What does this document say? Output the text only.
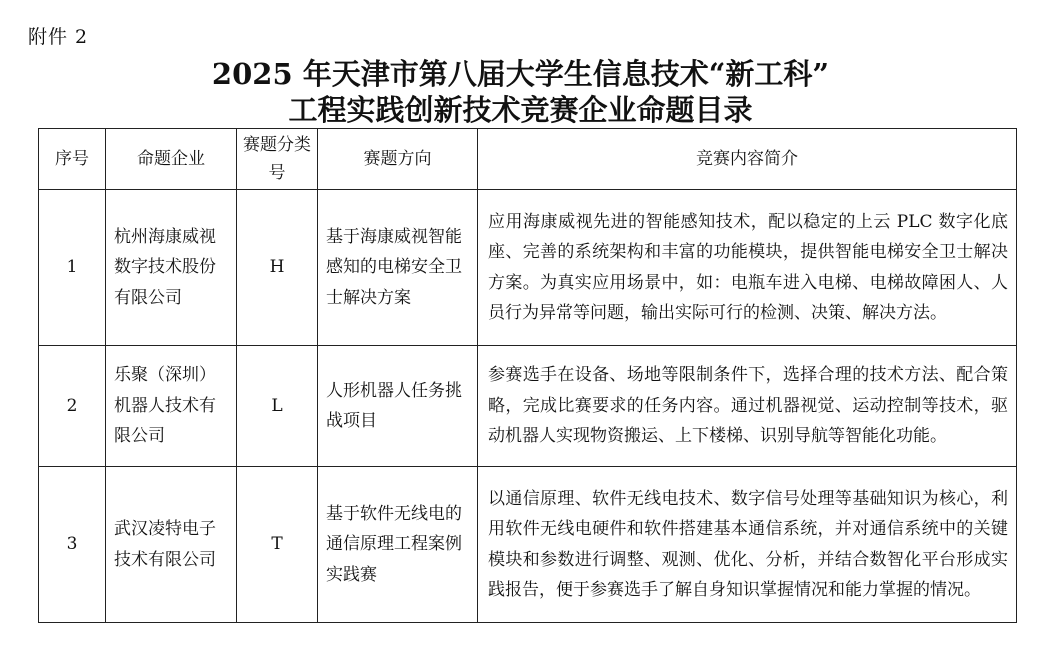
附件 2
2025 年天津市第八届大学生信息技术“新工科”
工程实践创新技术竞赛企业命题目录
序号	命题企业	赛题分类号	赛题方向	竞赛内容简介
1	杭州海康威视数字技术股份有限公司	H	基于海康威视智能感知的电梯安全卫士解决方案	应用海康威视先进的智能感知技术，配以稳定的上云 PLC 数字化底座、完善的系统架构和丰富的功能模块，提供智能电梯安全卫士解决方案。为真实应用场景中，如：电瓶车进入电梯、电梯故障困人、人员行为异常等问题，输出实际可行的检测、决策、解决方法。
2	乐聚（深圳）机器人技术有限公司	L	人形机器人任务挑战项目	参赛选手在设备、场地等限制条件下，选择合理的技术方法、配合策略，完成比赛要求的任务内容。通过机器视觉、运动控制等技术，驱动机器人实现物资搬运、上下楼梯、识别导航等智能化功能。
3	武汉凌特电子技术有限公司	T	基于软件无线电的通信原理工程案例实践赛	以通信原理、软件无线电技术、数字信号处理等基础知识为核心，利用软件无线电硬件和软件搭建基本通信系统，并对通信系统中的关键模块和参数进行调整、观测、优化、分析，并结合数智化平台形成实践报告，便于参赛选手了解自身知识掌握情况和能力掌握的情况。
